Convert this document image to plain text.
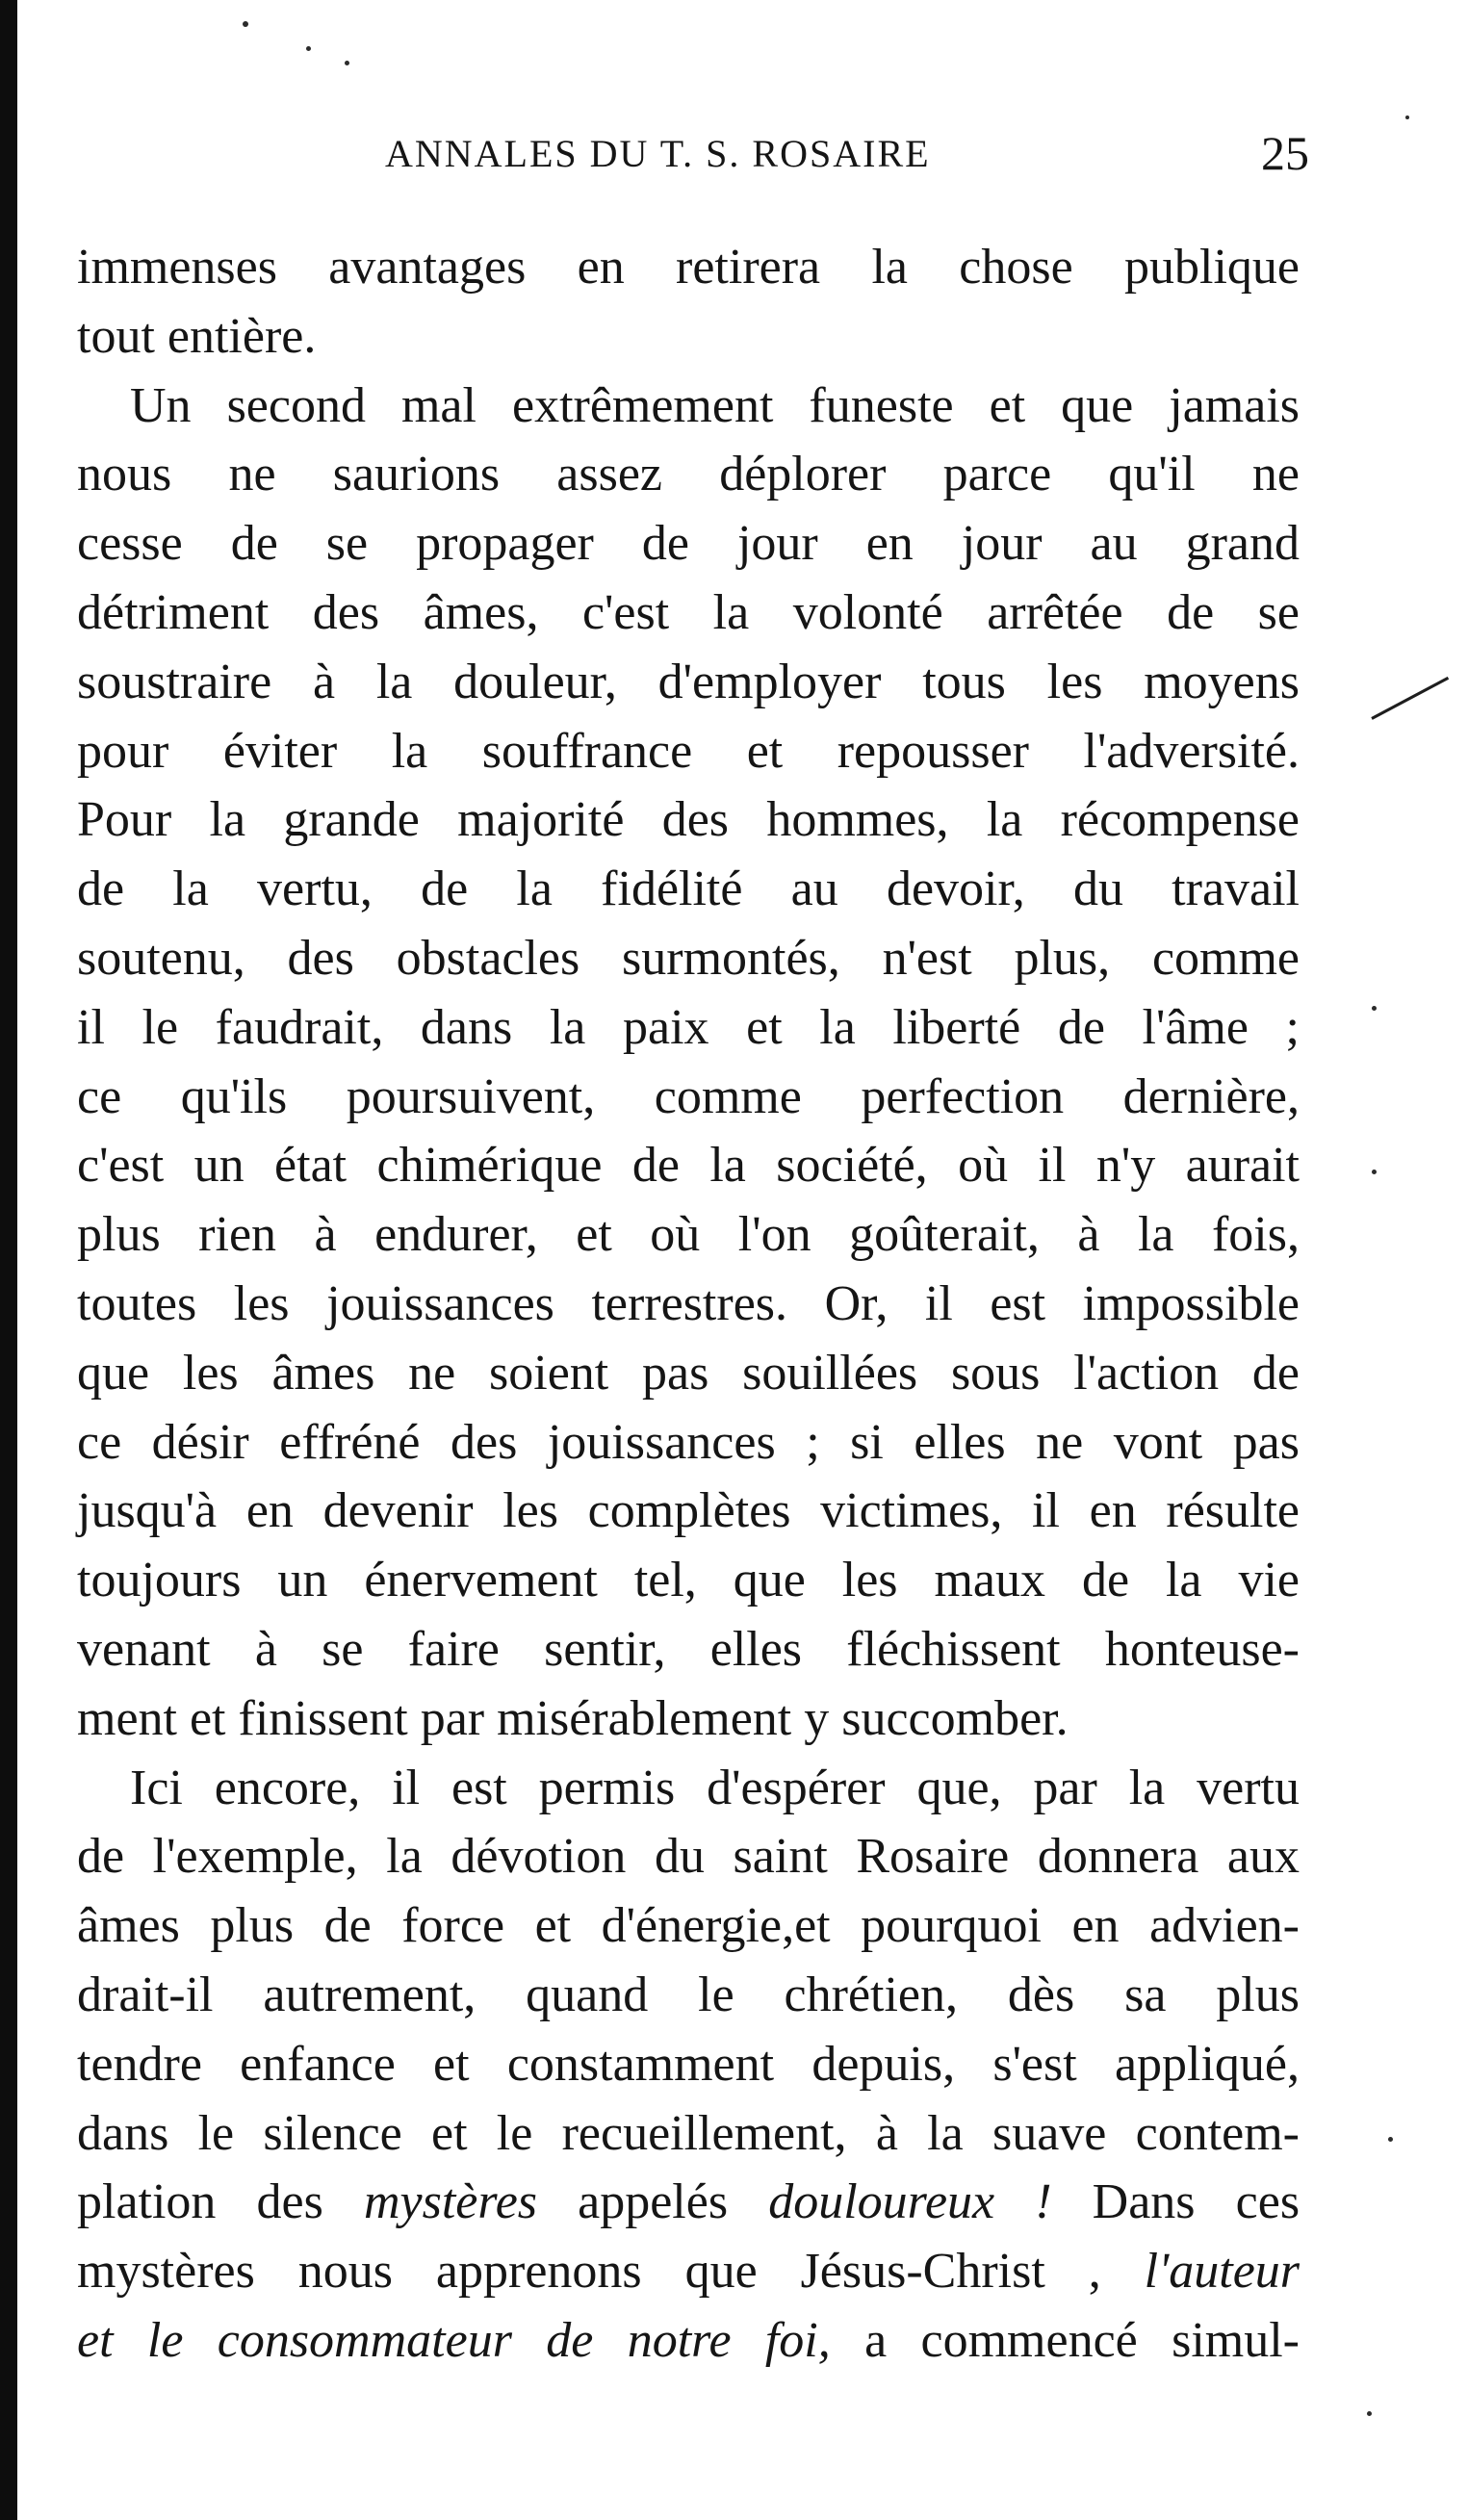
ANNALES DU T. S. ROSAIRE	25
immenses avantages en retirera la chose publique
tout entière.
Un second mal extrêmement funeste et que jamais
nous ne saurions assez déplorer parce qu'il ne
cesse de se propager de jour en jour au grand
détriment des âmes, c'est la volonté arrêtée de se
soustraire à la douleur, d'employer tous les moyens
pour éviter la souffrance et repousser l'adversité.
Pour la grande majorité des hommes, la récompense
de la vertu, de la fidélité au devoir, du travail
soutenu, des obstacles surmontés, n'est plus, comme
il le faudrait, dans la paix et la liberté de l'âme ;
ce qu'ils poursuivent, comme perfection dernière,
c'est un état chimérique de la société, où il n'y aurait
plus rien à endurer, et où l'on goûterait, à la fois,
toutes les jouissances terrestres. Or, il est impossible
que les âmes ne soient pas souillées sous l'action de
ce désir effréné des jouissances ; si elles ne vont pas
jusqu'à en devenir les complètes victimes, il en résulte
toujours un énervement tel, que les maux de la vie
venant à se faire sentir, elles fléchissent honteuse-
ment et finissent par misérablement y succomber.
Ici encore, il est permis d'espérer que, par la vertu
de l'exemple, la dévotion du saint Rosaire donnera aux
âmes plus de force et d'énergie,et pourquoi en advien-
drait-il autrement, quand le chrétien, dès sa plus
tendre enfance et constamment depuis, s'est appliqué,
dans le silence et le recueillement, à la suave contem-
plation des mystères appelés douloureux ! Dans ces
mystères nous apprenons que Jésus-Christ , l'auteur
et le consommateur de notre foi, a commencé simul-
